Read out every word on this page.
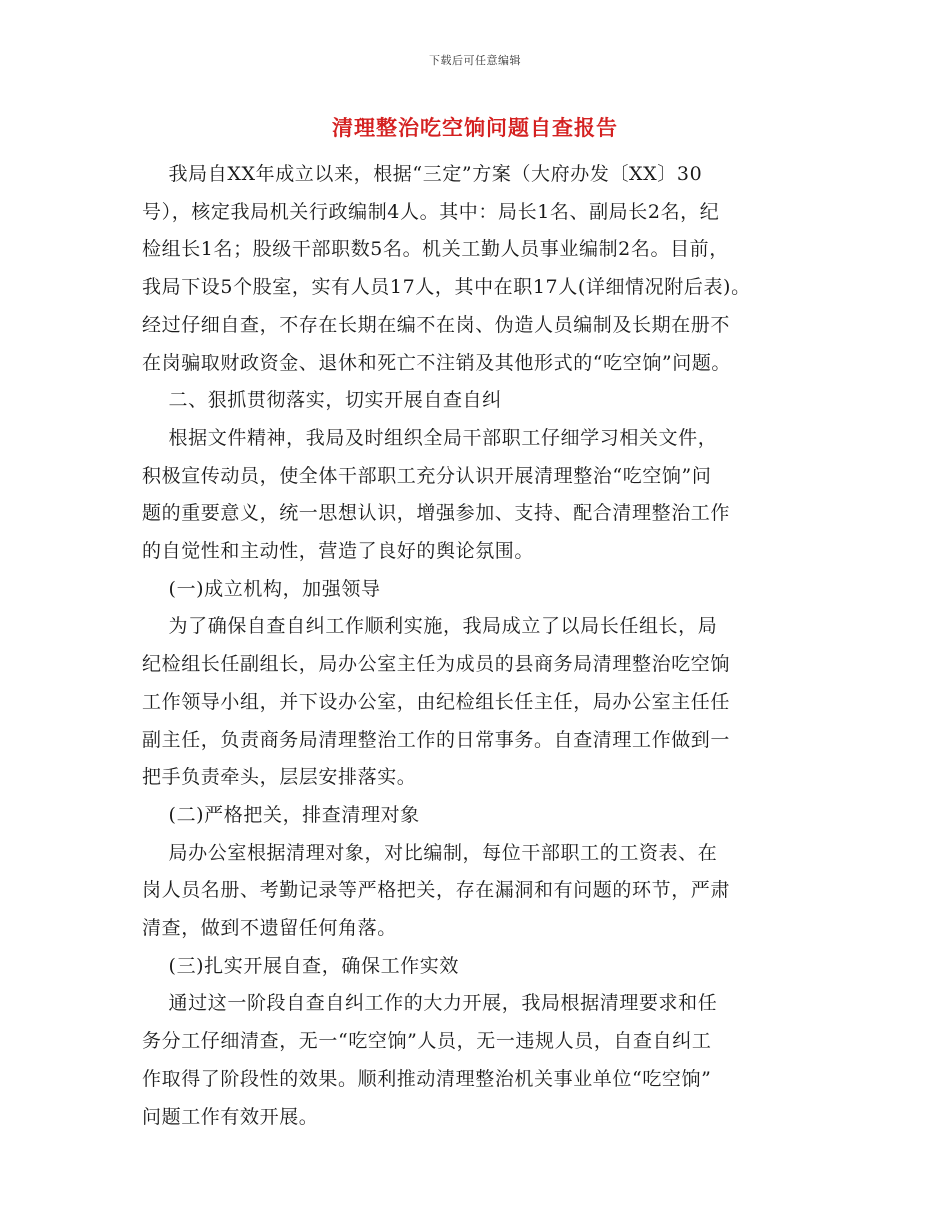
下载后可任意编辑
清理整治吃空饷问题自查报告

我局自XX年成立以来，根据“三定”方案（大府办发〔XX〕30

号），核定我局机关行政编制4人。其中：局长1名、副局长2名，纪

检组长1名；股级干部职数5名。机关工勤人员事业编制2名。目前，

我局下设5个股室，实有人员17人，其中在职17人(详细情况附后表)。

经过仔细自查，不存在长期在编不在岗、伪造人员编制及长期在册不

在岗骗取财政资金、退休和死亡不注销及其他形式的“吃空饷”问题。

二、狠抓贯彻落实，切实开展自查自纠

根据文件精神，我局及时组织全局干部职工仔细学习相关文件，

积极宣传动员，使全体干部职工充分认识开展清理整治“吃空饷”问

题的重要意义，统一思想认识，增强参加、支持、配合清理整治工作

的自觉性和主动性，营造了良好的舆论氛围。

(一)成立机构，加强领导

为了确保自查自纠工作顺利实施，我局成立了以局长任组长，局

纪检组长任副组长，局办公室主任为成员的县商务局清理整治吃空饷

工作领导小组，并下设办公室，由纪检组长任主任，局办公室主任任

副主任，负责商务局清理整治工作的日常事务。自查清理工作做到一

把手负责牵头，层层安排落实。

(二)严格把关，排查清理对象

局办公室根据清理对象，对比编制，每位干部职工的工资表、在

岗人员名册、考勤记录等严格把关，存在漏洞和有问题的环节，严肃

清查，做到不遗留任何角落。

(三)扎实开展自查，确保工作实效

通过这一阶段自查自纠工作的大力开展，我局根据清理要求和任

务分工仔细清查，无一“吃空饷”人员，无一违规人员，自查自纠工

作取得了阶段性的效果。顺利推动清理整治机关事业单位“吃空饷”

问题工作有效开展。
